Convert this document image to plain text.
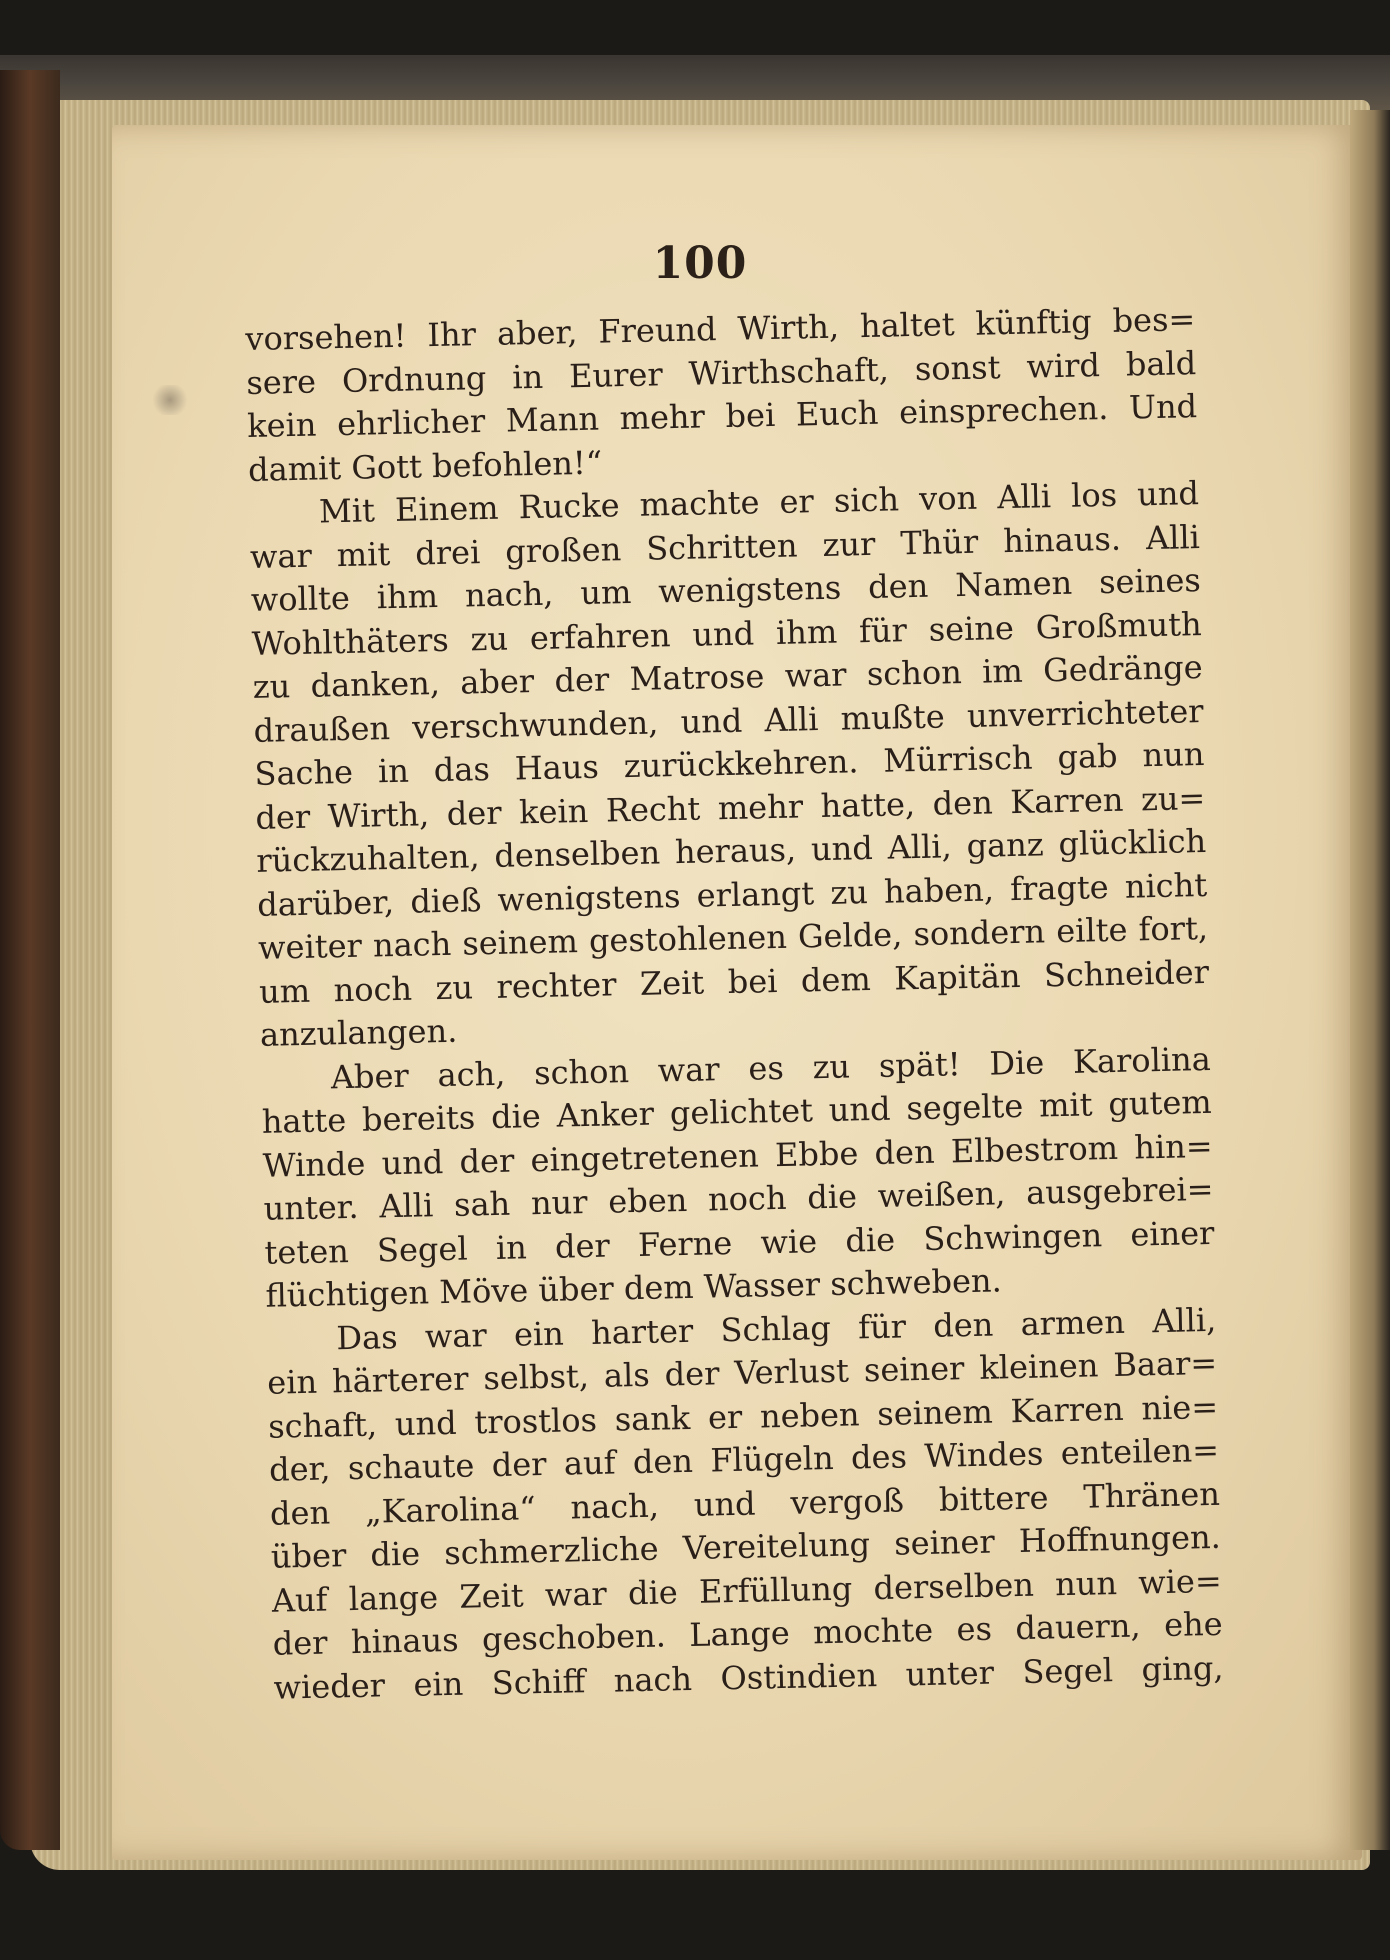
100
vorsehen! Ihr aber, Freund Wirth, haltet künftig bes=
sere Ordnung in Eurer Wirthschaft, sonst wird bald
kein ehrlicher Mann mehr bei Euch einsprechen. Und
damit Gott befohlen!“
Mit Einem Rucke machte er sich von Alli los und
war mit drei großen Schritten zur Thür hinaus. Alli
wollte ihm nach, um wenigstens den Namen seines
Wohlthäters zu erfahren und ihm für seine Großmuth
zu danken, aber der Matrose war schon im Gedränge
draußen verschwunden, und Alli mußte unverrichteter
Sache in das Haus zurückkehren. Mürrisch gab nun
der Wirth, der kein Recht mehr hatte, den Karren zu=
rückzuhalten, denselben heraus, und Alli, ganz glücklich
darüber, dieß wenigstens erlangt zu haben, fragte nicht
weiter nach seinem gestohlenen Gelde, sondern eilte fort,
um noch zu rechter Zeit bei dem Kapitän Schneider
anzulangen.
Aber ach, schon war es zu spät! Die Karolina
hatte bereits die Anker gelichtet und segelte mit gutem
Winde und der eingetretenen Ebbe den Elbestrom hin=
unter. Alli sah nur eben noch die weißen, ausgebrei=
teten Segel in der Ferne wie die Schwingen einer
flüchtigen Möve über dem Wasser schweben.
Das war ein harter Schlag für den armen Alli,
ein härterer selbst, als der Verlust seiner kleinen Baar=
schaft, und trostlos sank er neben seinem Karren nie=
der, schaute der auf den Flügeln des Windes enteilen=
den „Karolina“ nach, und vergoß bittere Thränen
über die schmerzliche Vereitelung seiner Hoffnungen.
Auf lange Zeit war die Erfüllung derselben nun wie=
der hinaus geschoben. Lange mochte es dauern, ehe
wieder ein Schiff nach Ostindien unter Segel ging,
